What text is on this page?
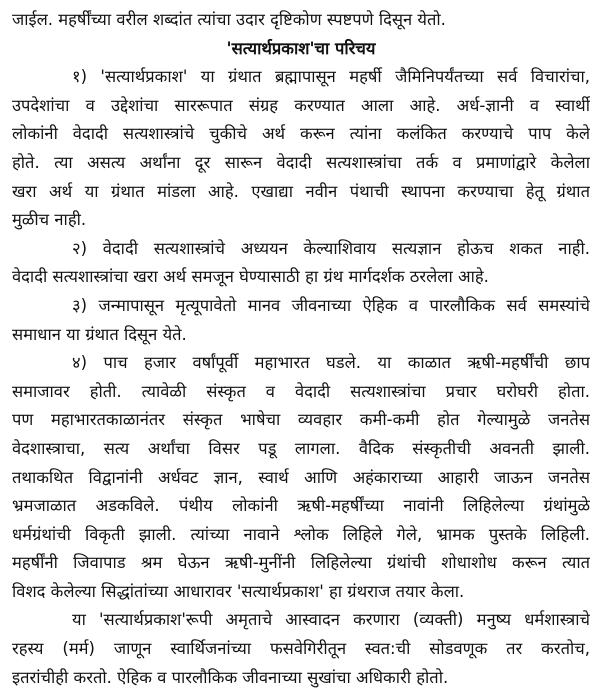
जाईल. महर्षींच्या वरील शब्दांत त्यांचा उदार दृष्टिकोण स्पष्टपणे दिसून येतो.
'सत्यार्थप्रकाश'चा परिचय
१) 'सत्यार्थप्रकाश' या ग्रंथात ब्रह्मापासून महर्षी जैमिनिपर्यंतच्या सर्व विचारांचा,
उपदेशांचा व उद्देशांचा साररूपात संग्रह करण्यात आला आहे. अर्ध-ज्ञानी व स्वार्थी
लोकांनी वेदादी सत्यशास्त्रांचे चुकीचे अर्थ करून त्यांना कलंकित करण्याचे पाप केले
होते. त्या असत्य अर्थांना दूर सारून वेदादी सत्यशास्त्रांचा तर्क व प्रमाणांद्वारे केलेला
खरा अर्थ या ग्रंथात मांडला आहे. एखाद्या नवीन पंथाची स्थापना करण्याचा हेतू ग्रंथात
मुळीच नाही.
२) वेदादी सत्यशास्त्रांचे अध्ययन केल्याशिवाय सत्यज्ञान होऊच शकत नाही.
वेदादी सत्यशास्त्रांचा खरा अर्थ समजून घेण्यासाठी हा ग्रंथ मार्गदर्शक ठरलेला आहे.
३) जन्मापासून मृत्यूपावेतो मानव जीवनाच्या ऐहिक व पारलौकिक सर्व समस्यांचे
समाधान या ग्रंथात दिसून येते.
४) पाच हजार वर्षांपूर्वी महाभारत घडले. या काळात ऋषी-महर्षींची छाप
समाजावर होती. त्यावेळी संस्कृत व वेदादी सत्यशास्त्रांचा प्रचार घरोघरी होता.
पण महाभारतकाळानंतर संस्कृत भाषेचा व्यवहार कमी-कमी होत गेल्यामुळे जनतेस
वेदशास्त्राचा, सत्य अर्थांचा विसर पडू लागला. वैदिक संस्कृतीची अवनती झाली.
तथाकथित विद्वानांनी अर्धवट ज्ञान, स्वार्थ आणि अहंकाराच्या आहारी जाऊन जनतेस
भ्रमजाळात अडकविले. पंथीय लोकांनी ऋषी-महर्षींच्या नावांनी लिहिलेल्या ग्रंथांमुळे
धर्मग्रंथांची विकृती झाली. त्यांच्या नावाने श्लोक लिहिले गेले, भ्रामक पुस्तके लिहिली.
महर्षींनी जिवापाड श्रम घेऊन ऋषी-मुनींनी लिहिलेल्या ग्रंथांची शोधाशोध करून त्यात
विशद केलेल्या सिद्धांतांच्या आधारावर 'सत्यार्थप्रकाश' हा ग्रंथराज तयार केला.
या 'सत्यार्थप्रकाश'रूपी अमृताचे आस्वादन करणारा (व्यक्ती) मनुष्य धर्मशास्त्राचे
रहस्य (मर्म) जाणून स्वार्थिजनांच्या फसवेगिरीतून स्वत:ची सोडवणूक तर करतोच,
इतरांचीही करतो. ऐहिक व पारलौकिक जीवनाच्या सुखांचा अधिकारी होतो.
